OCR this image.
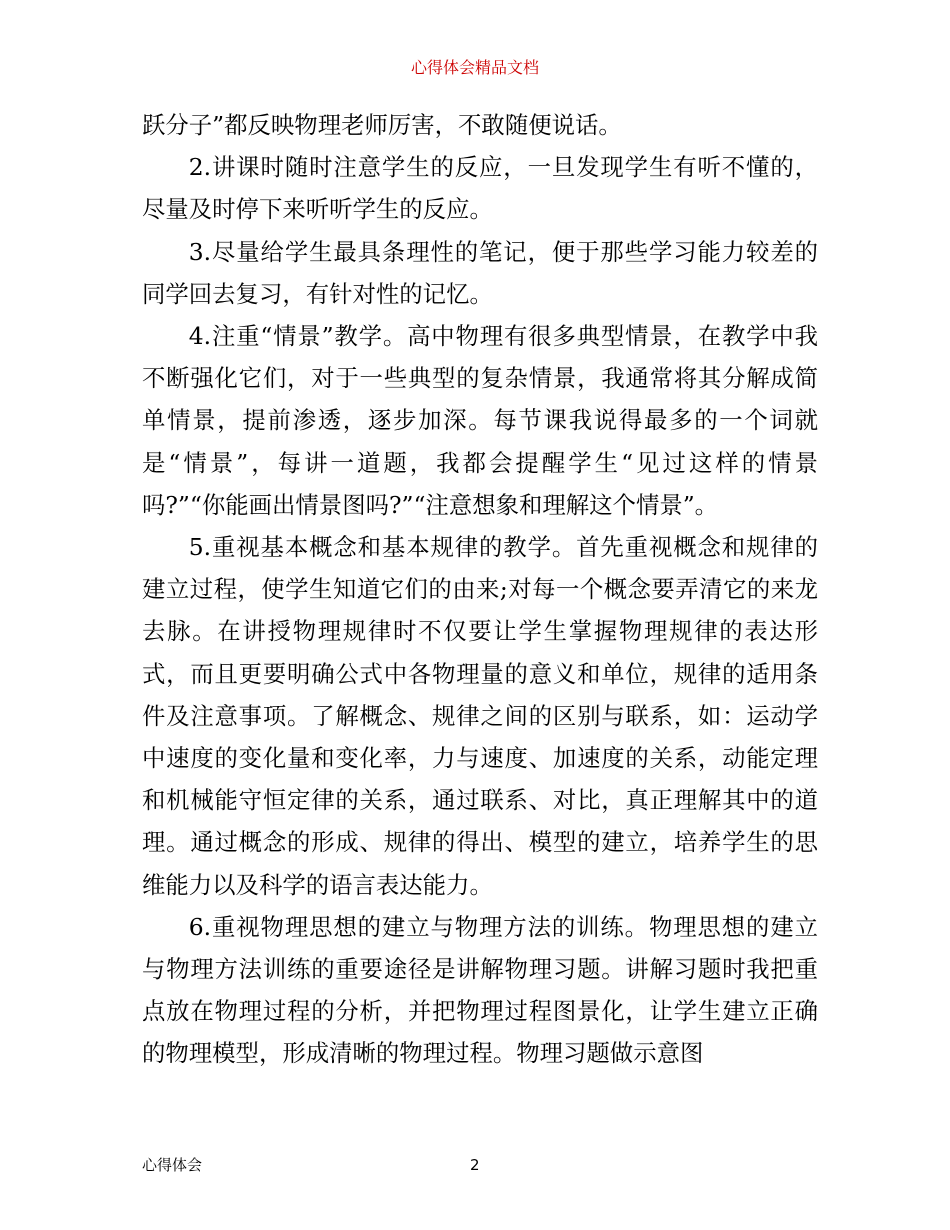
心得体会精品文档

跃分子”都反映物理老师厉害，不敢随便说话。

2.讲课时随时注意学生的反应，一旦发现学生有听不懂的，尽量及时停下来听听学生的反应。

3.尽量给学生最具条理性的笔记，便于那些学习能力较差的同学回去复习，有针对性的记忆。

4.注重“情景”教学。高中物理有很多典型情景，在教学中我不断强化它们，对于一些典型的复杂情景，我通常将其分解成简单情景，提前渗透，逐步加深。每节课我说得最多的一个词就是“情景”，每讲一道题，我都会提醒学生“见过这样的情景吗?”“你能画出情景图吗?”“注意想象和理解这个情景”。

5.重视基本概念和基本规律的教学。首先重视概念和规律的建立过程，使学生知道它们的由来;对每一个概念要弄清它的来龙去脉。在讲授物理规律时不仅要让学生掌握物理规律的表达形式，而且更要明确公式中各物理量的意义和单位，规律的适用条件及注意事项。了解概念、规律之间的区别与联系，如：运动学中速度的变化量和变化率，力与速度、加速度的关系，动能定理和机械能守恒定律的关系，通过联系、对比，真正理解其中的道理。通过概念的形成、规律的得出、模型的建立，培养学生的思维能力以及科学的语言表达能力。

6.重视物理思想的建立与物理方法的训练。物理思想的建立与物理方法训练的重要途径是讲解物理习题。讲解习题时我把重点放在物理过程的分析，并把物理过程图景化，让学生建立正确的物理模型，形成清晰的物理过程。物理习题做示意图

心得体会	2
